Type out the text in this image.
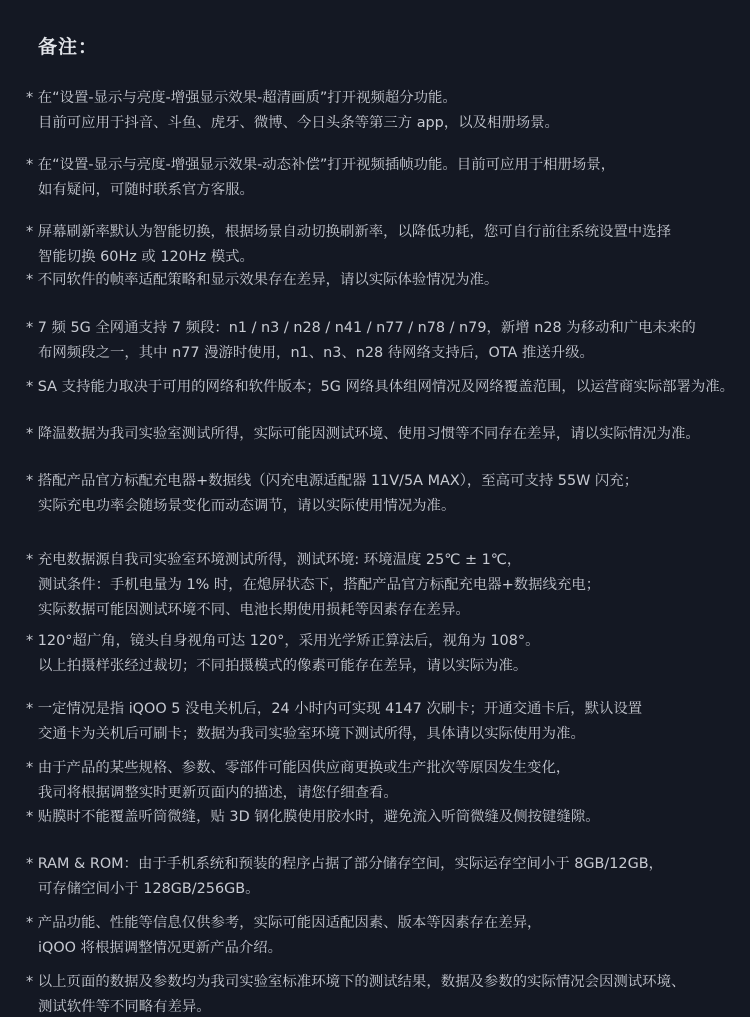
备注：
* 在“设置-显示与亮度-增强显示效果-超清画质”打开视频超分功能。
目前可应用于抖音、斗鱼、虎牙、微博、今日头条等第三方 app，以及相册场景。
* 在“设置-显示与亮度-增强显示效果-动态补偿”打开视频插帧功能。目前可应用于相册场景，
如有疑问，可随时联系官方客服。
* 屏幕刷新率默认为智能切换，根据场景自动切换刷新率，以降低功耗，您可自行前往系统设置中选择
智能切换 60Hz 或 120Hz 模式。
* 不同软件的帧率适配策略和显示效果存在差异，请以实际体验情况为准。
* 7 频 5G 全网通支持 7 频段：n1 / n3 / n28 / n41 / n77 / n78 / n79，新增 n28 为移动和广电未来的
布网频段之一，其中 n77 漫游时使用，n1、n3、n28 待网络支持后，OTA 推送升级。
* SA 支持能力取决于可用的网络和软件版本；5G 网络具体组网情况及网络覆盖范围，以运营商实际部署为准。
* 降温数据为我司实验室测试所得，实际可能因测试环境、使用习惯等不同存在差异，请以实际情况为准。
* 搭配产品官方标配充电器+数据线（闪充电源适配器 11V/5A MAX），至高可支持 55W 闪充；
实际充电功率会随场景变化而动态调节，请以实际使用情况为准。
* 充电数据源自我司实验室环境测试所得，测试环境: 环境温度 25℃ ± 1℃，
测试条件：手机电量为 1% 时，在熄屏状态下，搭配产品官方标配充电器+数据线充电；
实际数据可能因测试环境不同、电池长期使用损耗等因素存在差异。
* 120°超广角，镜头自身视角可达 120°，采用光学矫正算法后，视角为 108°。
以上拍摄样张经过裁切；不同拍摄模式的像素可能存在差异，请以实际为准。
* 一定情况是指 iQOO 5 没电关机后，24 小时内可实现 4147 次刷卡；开通交通卡后，默认设置
交通卡为关机后可刷卡；数据为我司实验室环境下测试所得，具体请以实际使用为准。
* 由于产品的某些规格、参数、零部件可能因供应商更换或生产批次等原因发生变化，
我司将根据调整实时更新页面内的描述，请您仔细查看。
* 贴膜时不能覆盖听筒微缝，贴 3D 钢化膜使用胶水时，避免流入听筒微缝及侧按键缝隙。
* RAM & ROM：由于手机系统和预装的程序占据了部分储存空间，实际运存空间小于 8GB/12GB，
可存储空间小于 128GB/256GB。
* 产品功能、性能等信息仅供参考，实际可能因适配因素、版本等因素存在差异，
iQOO 将根据调整情况更新产品介绍。
* 以上页面的数据及参数均为我司实验室标准环境下的测试结果，数据及参数的实际情况会因测试环境、
测试软件等不同略有差异。
